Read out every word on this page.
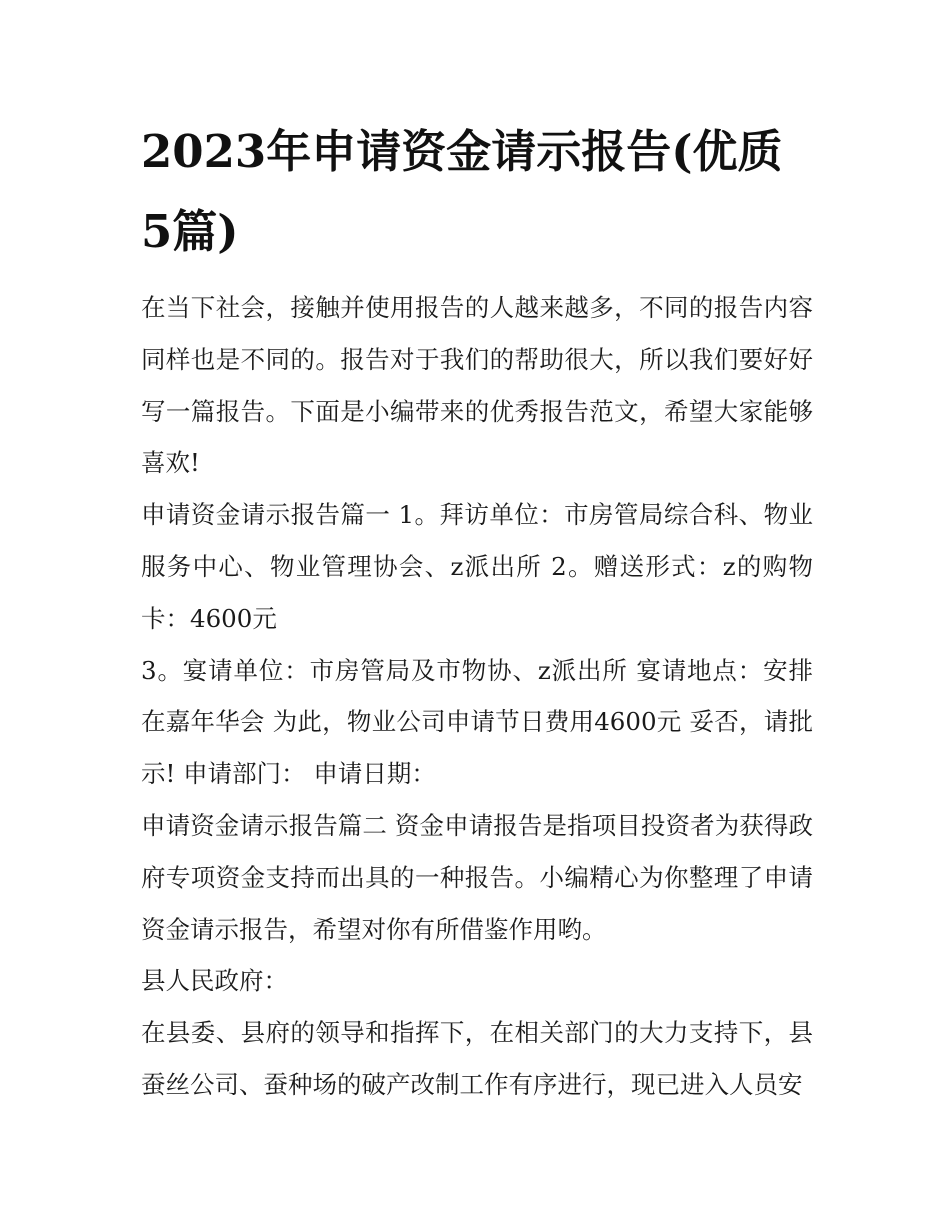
2023年申请资金请示报告(优质5篇)

在当下社会，接触并使用报告的人越来越多，不同的报告内容同样也是不同的。报告对于我们的帮助很大，所以我们要好好写一篇报告。下面是小编带来的优秀报告范文，希望大家能够喜欢!

申请资金请示报告篇一 1。拜访单位：市房管局综合科、物业服务中心、物业管理协会、z派出所 2。赠送形式：z的购物卡：4600元

3。宴请单位：市房管局及市物协、z派出所 宴请地点：安排在嘉年华会 为此，物业公司申请节日费用4600元 妥否，请批示! 申请部门： 申请日期：

申请资金请示报告篇二 资金申请报告是指项目投资者为获得政府专项资金支持而出具的一种报告。小编精心为你整理了申请资金请示报告，希望对你有所借鉴作用哟。

县人民政府：

在县委、县府的领导和指挥下，在相关部门的大力支持下，县蚕丝公司、蚕种场的破产改制工作有序进行，现已进入人员安
